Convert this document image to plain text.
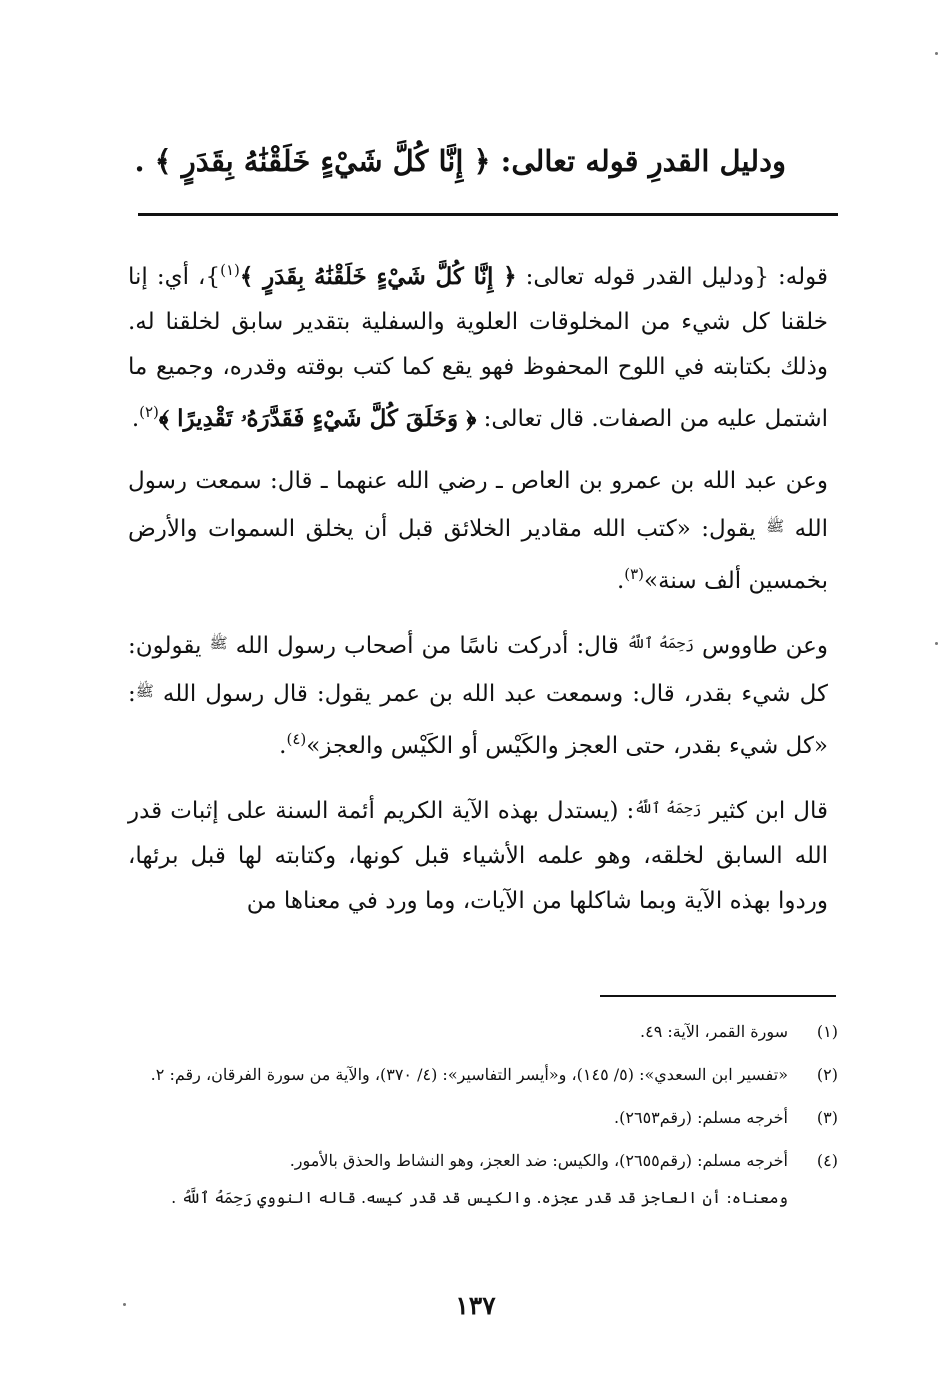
ودليل القدرِ قوله تعالى: ﴿ إِنَّا كُلَّ شَيْءٍ خَلَقْنَٰهُ بِقَدَرٍ ﴾ .

قوله: {ودليل القدر قوله تعالى: ﴿ إِنَّا كُلَّ شَيْءٍ خَلَقْنَٰهُ بِقَدَرٍ ﴾$^{(١)}$}، أي: إنا خلقنا كل شيء من المخلوقات العلوية والسفلية بتقدير سابق لخلقنا له. وذلك بكتابته في اللوح المحفوظ فهو يقع كما كتب بوقته وقدره، وجميع ما اشتمل عليه من الصفات. قال تعالى: ﴿ وَخَلَقَ كُلَّ شَيْءٍ فَقَدَّرَهُۥ تَقْدِيرًا ﴾$^{(٢)}$.

وعن عبد الله بن عمرو بن العاص ـ رضي الله عنهما ـ قال: سمعت رسول الله $^ﷺ$ يقول: «كتب الله مقادير الخلائق قبل أن يخلق السموات والأرض بخمسين ألف سنة»$^{(٣)}$.

وعن طاووس $^{رَحِمَهُ ٱللَّهُ}$ قال: أدركت ناسًا من أصحاب رسول الله $^ﷺ$ يقولون: كل شيء بقدر، قال: وسمعت عبد الله بن عمر يقول: قال رسول الله $^ﷺ$: «كل شيء بقدر، حتى العجز والكَيْس أو الكَيْس والعجز»$^{(٤)}$.

قال ابن كثير $^{رَحِمَهُ ٱللَّهُ}$: (يستدل بهذه الآية الكريم أئمة السنة على إثبات قدر الله السابق لخلقه، وهو علمه الأشياء قبل كونها، وكتابته لها قبل برئها، وردوا بهذه الآية وبما شاكلها من الآيات، وما ورد في معناها من

(١)
سورة القمر، الآية: ٤٩.
(٢)
«تفسير ابن السعدي»: (٥/ ١٤٥)، و«أيسر التفاسير»: (٤/ ٣٧٠)، والآية من سورة الفرقان، رقم: ٢.
(٣)
أخرجه مسلم: (رقم٢٦٥٣).
(٤)
أخرجه مسلم: (رقم٢٦٥٥)، والكيس: ضد العجز، وهو النشاط والحذق بالأمور.
ومعناه: أن العاجز قد قدر عجزه. والكيس قد قدر كيسه. قاله النووي رَحِمَهُ ٱللَّهُ .
١٣٧
